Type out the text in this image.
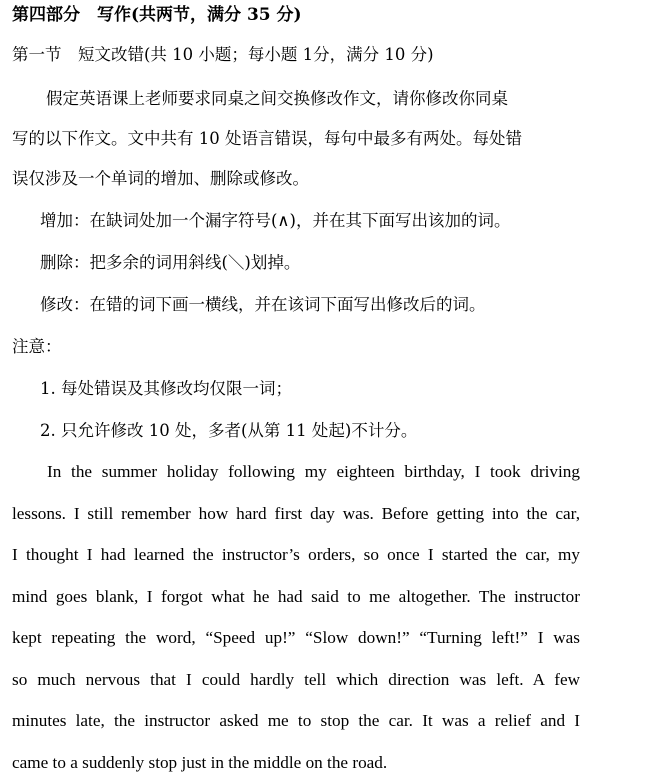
第四部分　写作(共两节，满分 35 分)
第一节　短文改错(共 10 小题；每小题 1分，满分 10 分)
假定英语课上老师要求同桌之间交换修改作文，请你修改你同桌
写的以下作文。文中共有 10 处语言错误，每句中最多有两处。每处错
误仅涉及一个单词的增加、删除或修改。
增加：在缺词处加一个漏字符号(∧)，并在其下面写出该加的词。
删除：把多余的词用斜线(＼)划掉。
修改：在错的词下画一横线，并在该词下面写出修改后的词。
注意：
1. 每处错误及其修改均仅限一词；
2. 只允许修改 10 处，多者(从第 11 处起)不计分。
In the summer holiday following my eighteen birthday, I took driving
lessons. I still remember how hard first day was. Before getting into the car,
I thought I had learned the instructor’s orders, so once I started the car, my
mind goes blank, I forgot what he had said to me altogether. The instructor
kept repeating the word, “Speed up!” “Slow down!” “Turning left!” I was
so much nervous that I could hardly tell which direction was left. A few
minutes late, the instructor asked me to stop the car. It was a relief and I
came to a suddenly stop just in the middle on the road.
